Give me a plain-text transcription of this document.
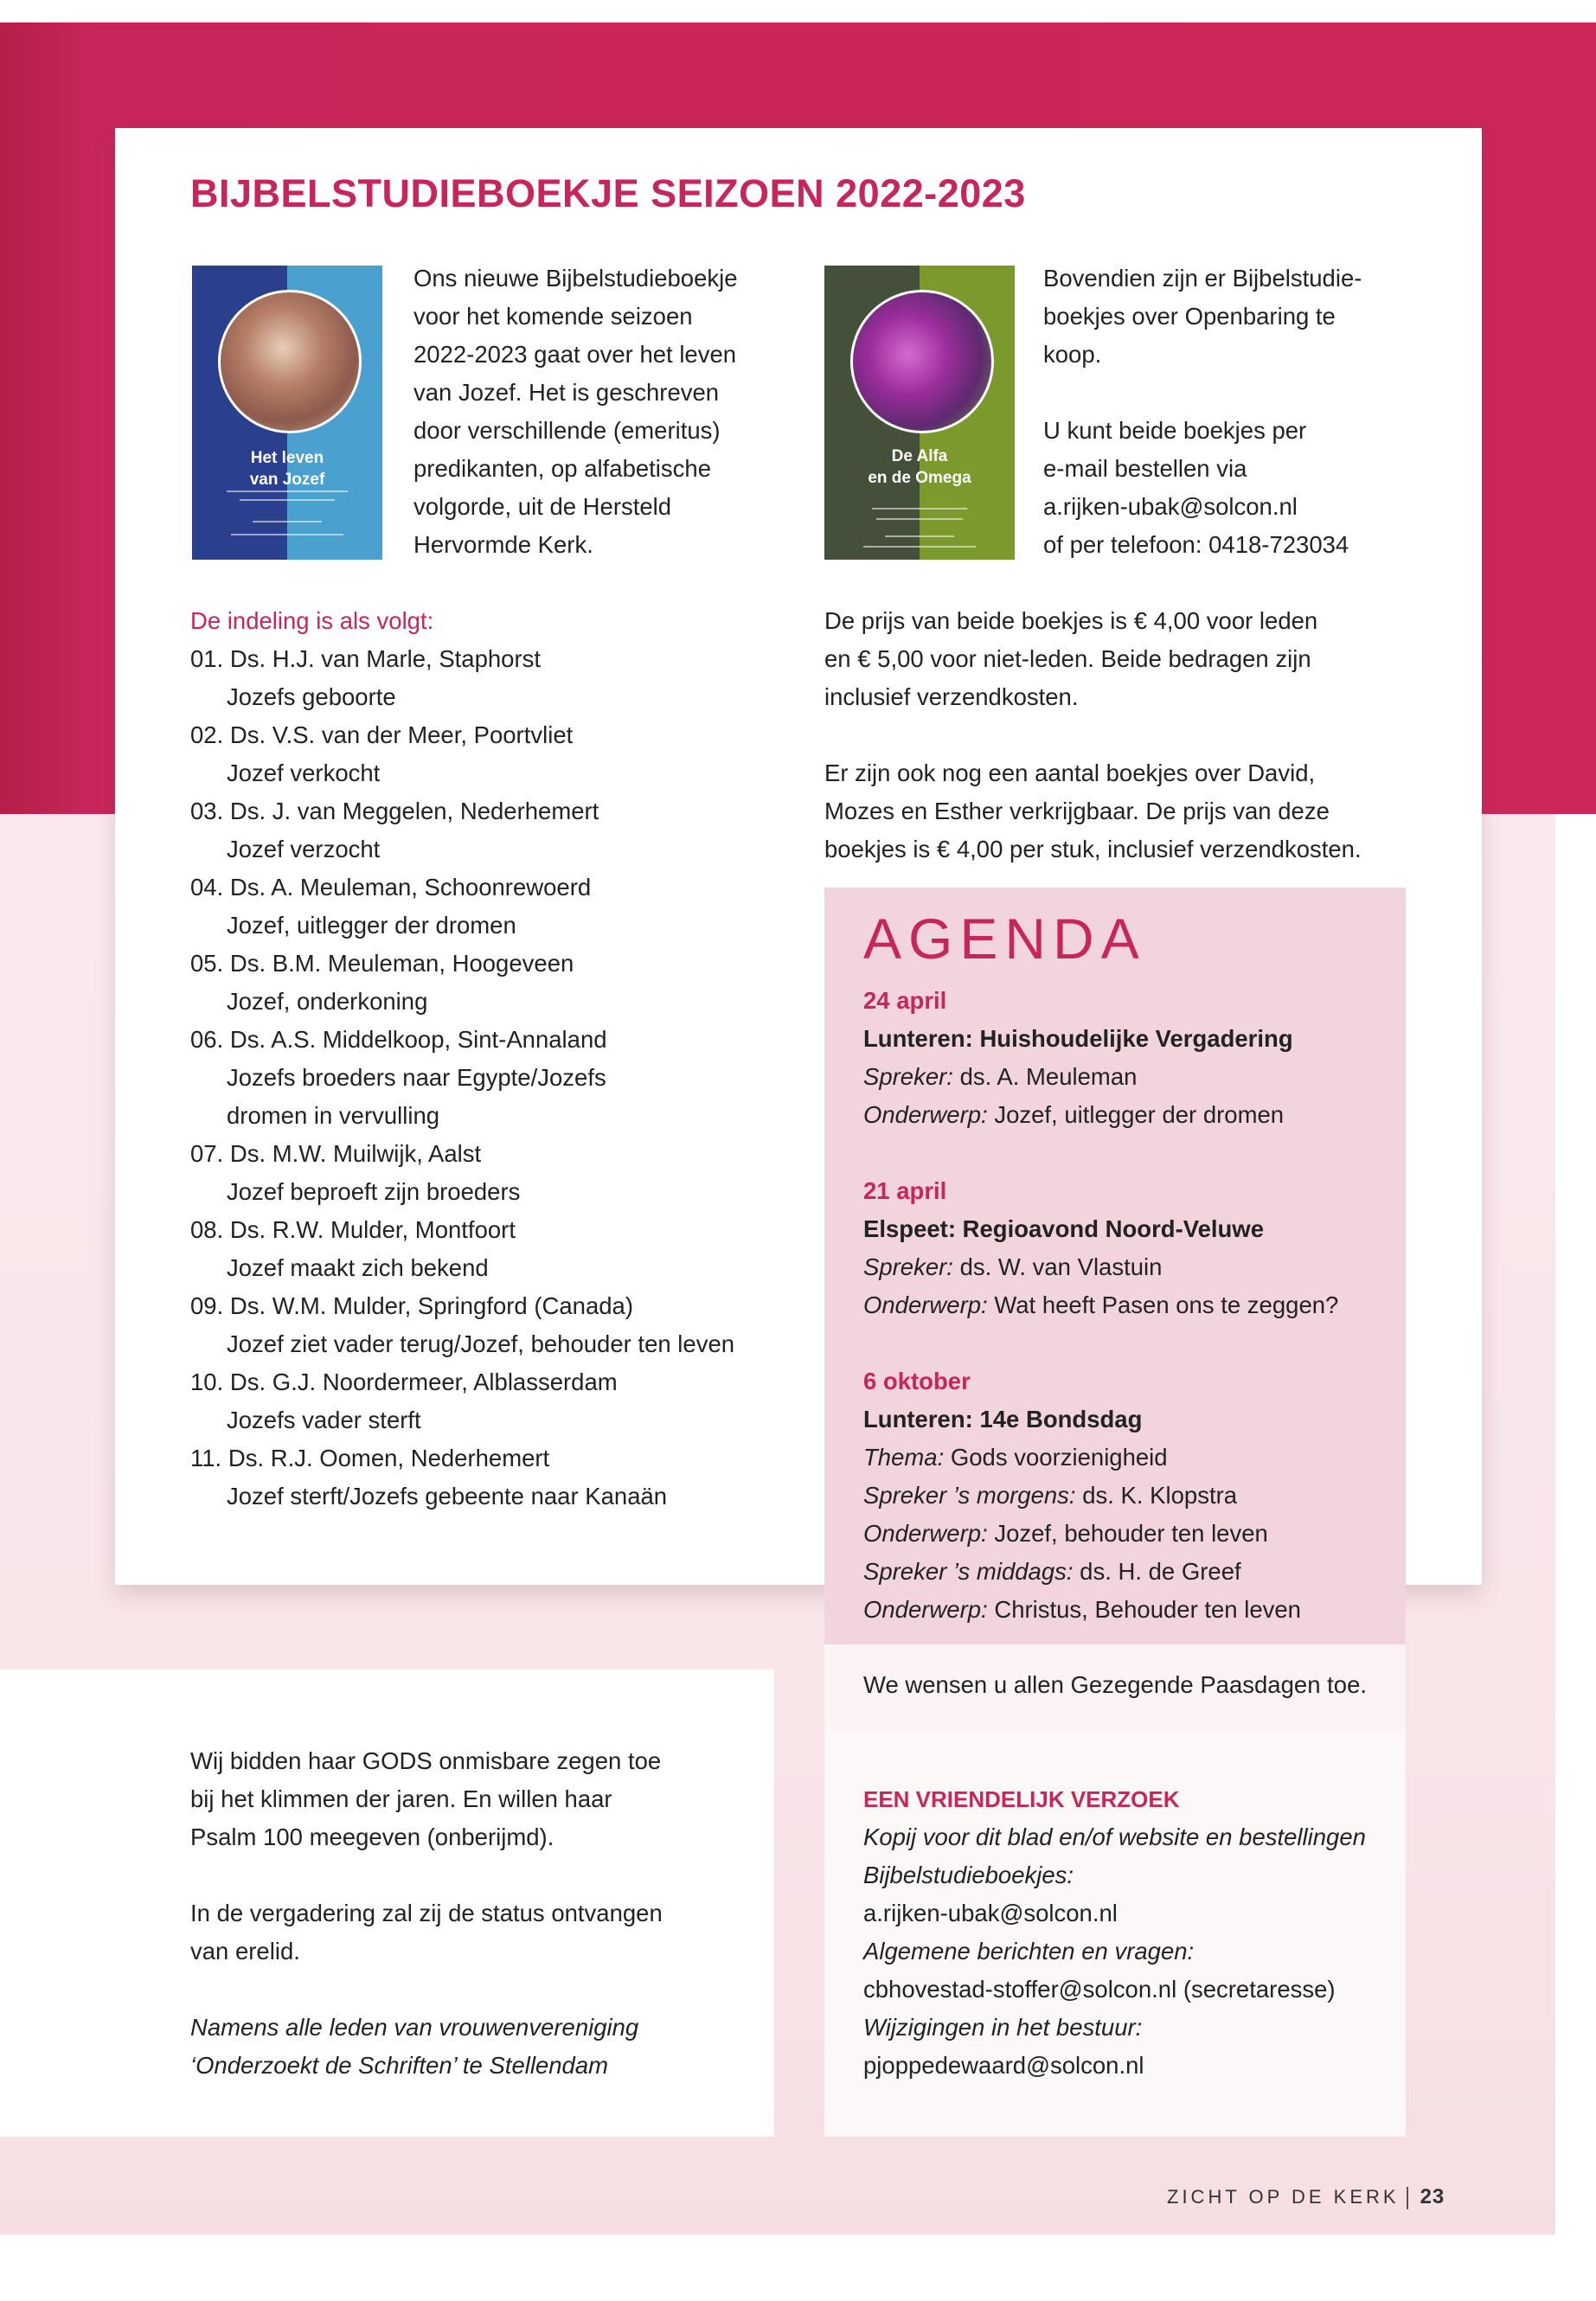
BIJBELSTUDIEBOEKJE SEIZOEN 2022-2023
Het leven
van Jozef
De Alfa
en de Omega
Ons nieuwe Bijbelstudieboekje
voor het komende seizoen
2022-2023 gaat over het leven
van Jozef. Het is geschreven
door verschillende (emeritus)
predikanten, op alfabetische
volgorde, uit de Hersteld
Hervormde Kerk.
Bovendien zijn er Bijbelstudie-
boekjes over Openbaring te
koop.
U kunt beide boekjes per
e-mail bestellen via
a.rijken-ubak@solcon.nl
of per telefoon: 0418-723034
De indeling is als volgt:
01. Ds. H.J. van Marle, Staphorst
Jozefs geboorte
02. Ds. V.S. van der Meer, Poortvliet
Jozef verkocht
03. Ds. J. van Meggelen, Nederhemert
Jozef verzocht
04. Ds. A. Meuleman, Schoonrewoerd
Jozef, uitlegger der dromen
05. Ds. B.M. Meuleman, Hoogeveen
Jozef, onderkoning
06. Ds. A.S. Middelkoop, Sint-Annaland
Jozefs broeders naar Egypte/Jozefs
dromen in vervulling
07. Ds. M.W. Muilwijk, Aalst
Jozef beproeft zijn broeders
08. Ds. R.W. Mulder, Montfoort
Jozef maakt zich bekend
09. Ds. W.M. Mulder, Springford (Canada)
Jozef ziet vader terug/Jozef, behouder ten leven
10. Ds. G.J. Noordermeer, Alblasserdam
Jozefs vader sterft
11. Ds. R.J. Oomen, Nederhemert
Jozef sterft/Jozefs gebeente naar Kanaän
De prijs van beide boekjes is € 4,00 voor leden
en € 5,00 voor niet-leden. Beide bedragen zijn
inclusief verzendkosten.
Er zijn ook nog een aantal boekjes over David,
Mozes en Esther verkrijgbaar. De prijs van deze
boekjes is € 4,00 per stuk, inclusief verzendkosten.
AGENDA
24 april
Lunteren: Huishoudelijke Vergadering
Spreker: ds. A. Meuleman
Onderwerp: Jozef, uitlegger der dromen
21 april
Elspeet: Regioavond Noord-Veluwe
Spreker: ds. W. van Vlastuin
Onderwerp: Wat heeft Pasen ons te zeggen?
6 oktober
Lunteren: 14e Bondsdag
Thema: Gods voorzienigheid
Spreker ’s morgens: ds. K. Klopstra
Onderwerp: Jozef, behouder ten leven
Spreker ’s middags: ds. H. de Greef
Onderwerp: Christus, Behouder ten leven
We wensen u allen Gezegende Paasdagen toe.
EEN VRIENDELIJK VERZOEK
Kopij voor dit blad en/of website en bestellingen
Bijbelstudieboekjes:
a.rijken-ubak@solcon.nl
Algemene berichten en vragen:
cbhovestad-stoffer@solcon.nl (secretaresse)
Wijzigingen in het bestuur:
pjoppedewaard@solcon.nl
Wij bidden haar GODS onmisbare zegen toe
bij het klimmen der jaren. En willen haar
Psalm 100 meegeven (onberijmd).
In de vergadering zal zij de status ontvangen
van erelid.
Namens alle leden van vrouwenvereniging
‘Onderzoekt de Schriften’ te Stellendam
ZICHT OP DE KERK 23
